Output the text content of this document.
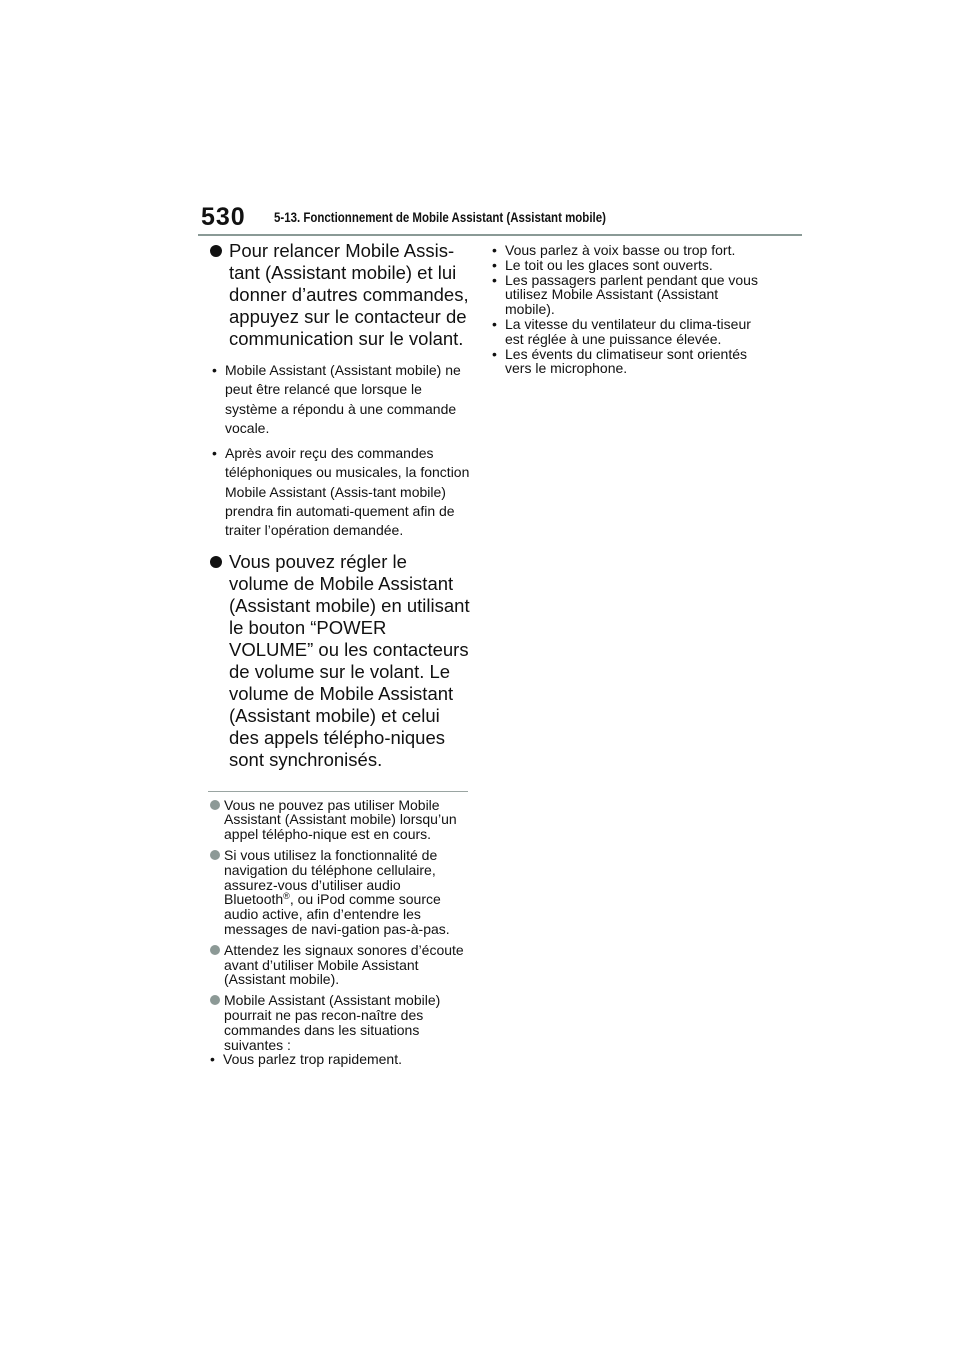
530 5-13. Fonctionnement de Mobile Assistant (Assistant mobile)

Pour relancer Mobile Assis-tant (Assistant mobile) et lui donner d’autres commandes, appuyez sur le contacteur de communication sur le volant.

• Mobile Assistant (Assistant mobile) ne peut être relancé que lorsque le système a répondu à une commande vocale.

• Après avoir reçu des commandes téléphoniques ou musicales, la fonction Mobile Assistant (Assis-tant mobile) prendra fin automati-quement afin de traiter l’opération demandée.

Vous pouvez régler le volume de Mobile Assistant (Assistant mobile) en utilisant le bouton “POWER VOLUME” ou les contacteurs de volume sur le volant. Le volume de Mobile Assistant (Assistant mobile) et celui des appels télépho-niques sont synchronisés.

Vous ne pouvez pas utiliser Mobile Assistant (Assistant mobile) lorsqu’un appel télépho-nique est en cours.

Si vous utilisez la fonctionnalité de navigation du téléphone cellulaire, assurez-vous d’utiliser audio Bluetooth®, ou iPod comme source audio active, afin d’entendre les messages de navi-gation pas-à-pas.

Attendez les signaux sonores d’écoute avant d’utiliser Mobile Assistant (Assistant mobile).

Mobile Assistant (Assistant mobile) pourrait ne pas recon-naître des commandes dans les situations suivantes :

• Vous parlez trop rapidement.

• Vous parlez à voix basse ou trop fort.

• Le toit ou les glaces sont ouverts.

• Les passagers parlent pendant que vous utilisez Mobile Assistant (Assistant mobile).

• La vitesse du ventilateur du clima-tiseur est réglée à une puissance élevée.

• Les évents du climatiseur sont orientés vers le microphone.
